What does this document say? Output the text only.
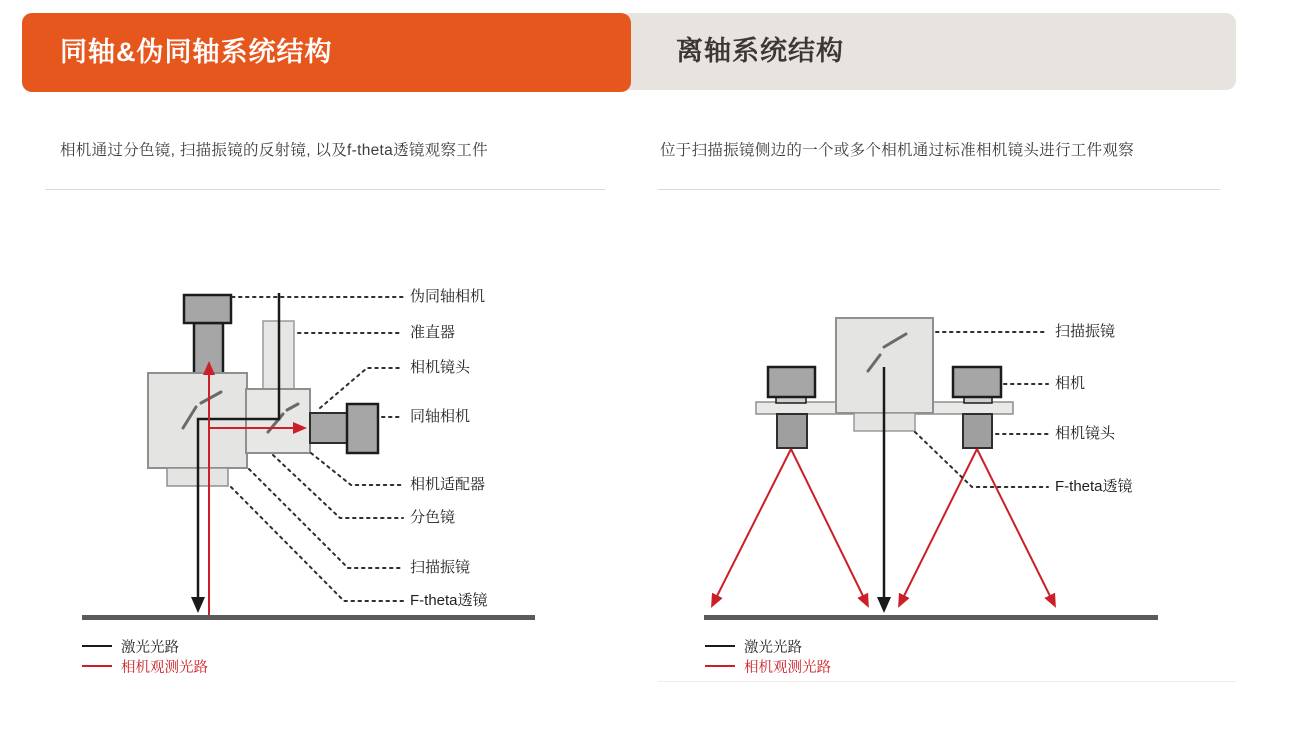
离轴系统结构
同轴&伪同轴系统结构
相机通过分色镜, 扫描振镜的反射镜, 以及f-theta透镜观察工件	位于扫描振镜侧边的一个或多个相机通过标准相机镜头进行工件观察
伪同轴相机
准直器
相机镜头
同轴相机
相机适配器
分色镜
扫描振镜
F-theta透镜
扫描振镜
相机
相机镜头
F-theta透镜
激光光路
相机观测光路
激光光路
相机观测光路
